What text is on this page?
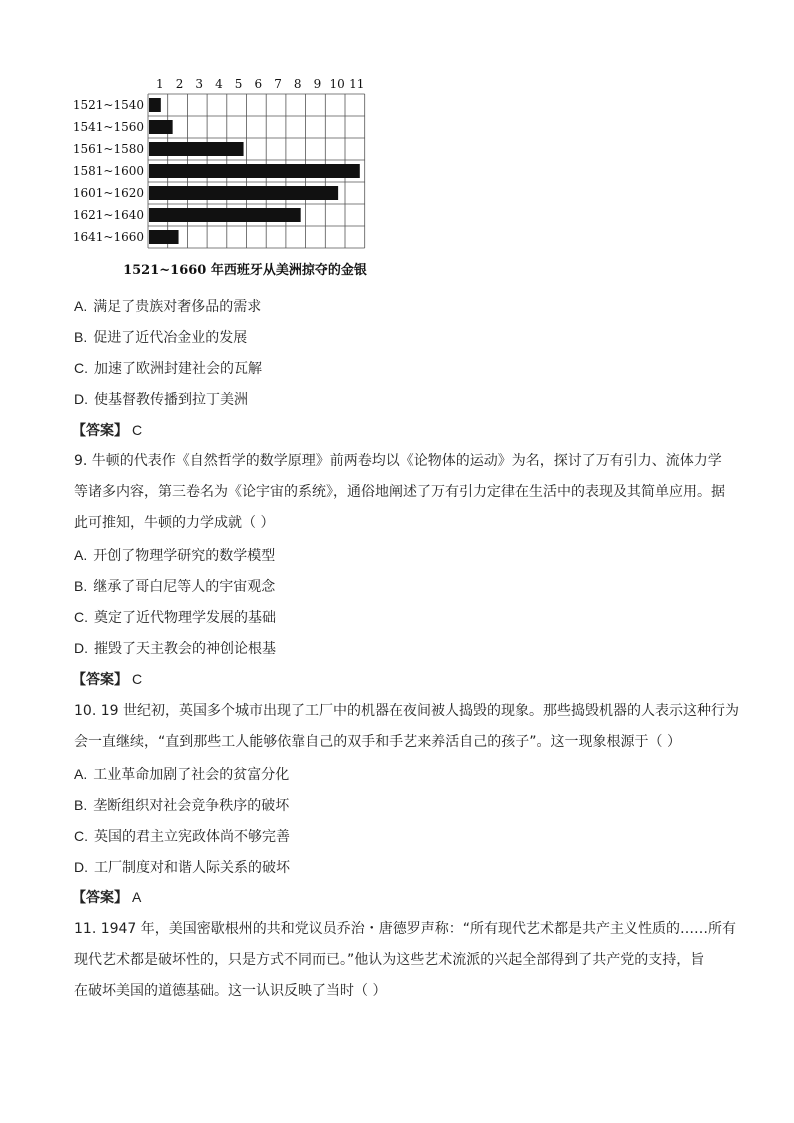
1 2 3 4 5 6 7 8 9 10 11
1521~1540
1541~1560
1561~1580
1581~1600
1601~1620
1621~1640
1641~1660
1521~1660 年西班牙从美洲掠夺的金银
A. 满足了贵族对奢侈品的需求
B. 促进了近代冶金业的发展
C. 加速了欧洲封建社会的瓦解
D. 使基督教传播到拉丁美洲
【答案】 C
9. 牛顿的代表作《自然哲学的数学原理》前两卷均以《论物体的运动》为名，探讨了万有引力、流体力学
等诸多内容，第三卷名为《论宇宙的系统》，通俗地阐述了万有引力定律在生活中的表现及其简单应用。据
此可推知，牛顿的力学成就（ ）
A. 开创了物理学研究的数学模型
B. 继承了哥白尼等人的宇宙观念
C. 奠定了近代物理学发展的基础
D. 摧毁了天主教会的神创论根基
【答案】 C
10. 19 世纪初，英国多个城市出现了工厂中的机器在夜间被人捣毁的现象。那些捣毁机器的人表示这种行为
会一直继续，“直到那些工人能够依靠自己的双手和手艺来养活自己的孩子”。这一现象根源于（ ）
A. 工业革命加剧了社会的贫富分化
B. 垄断组织对社会竞争秩序的破坏
C. 英国的君主立宪政体尚不够完善
D. 工厂制度对和谐人际关系的破坏
【答案】 A
11. 1947 年，美国密歇根州的共和党议员乔治・唐德罗声称：“所有现代艺术都是共产主义性质的……所有
现代艺术都是破坏性的，只是方式不同而已。”他认为这些艺术流派的兴起全部得到了共产党的支持，旨
在破坏美国的道德基础。这一认识反映了当时（ ）
